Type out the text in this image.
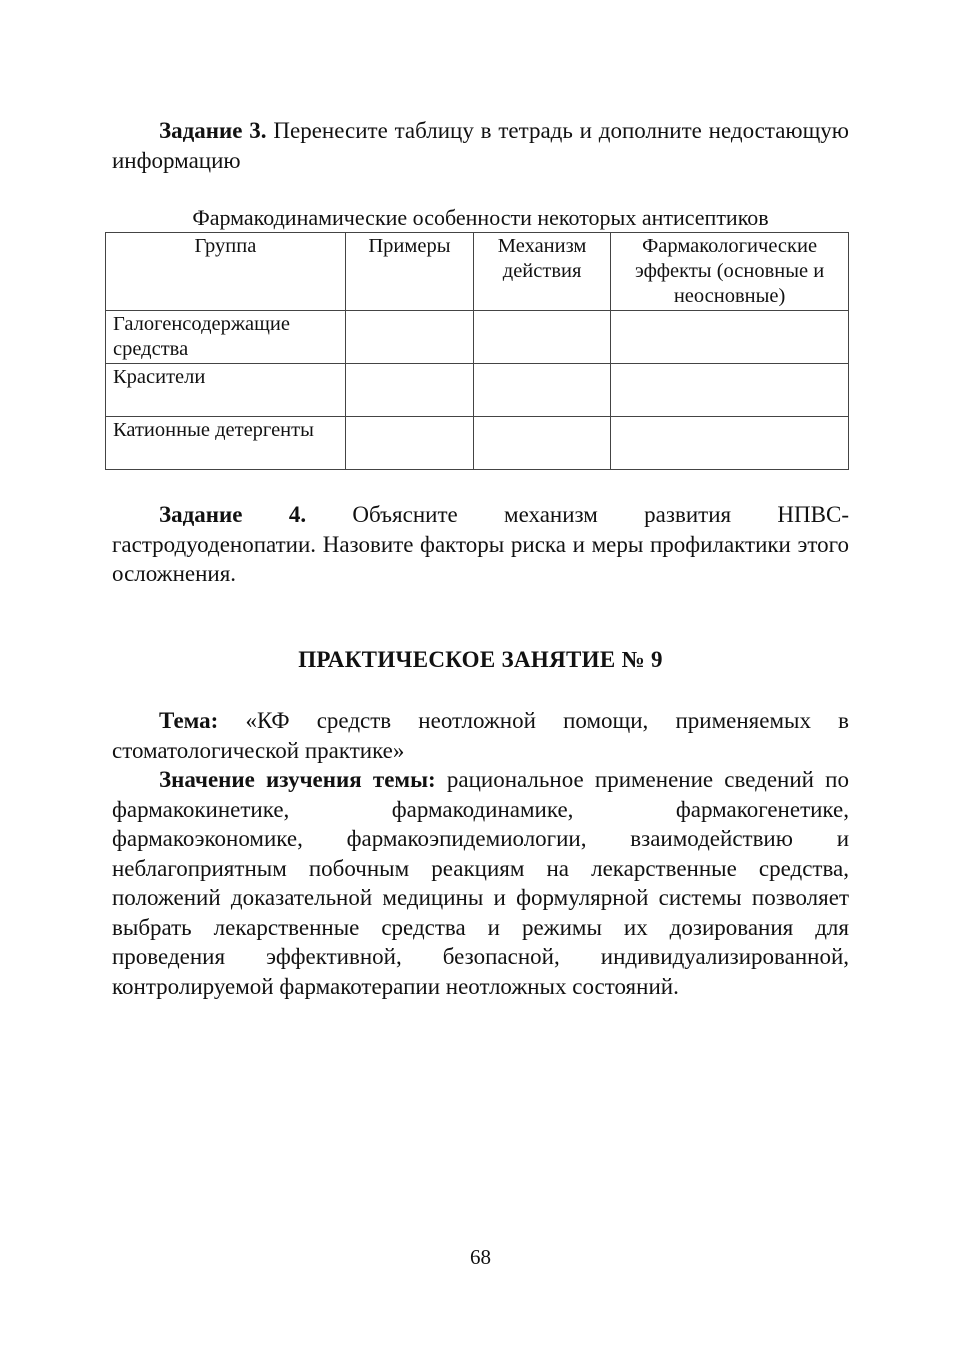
Задание 3. Перенесите таблицу в тетрадь и дополните недостающую информацию

Фармакодинамические особенности некоторых антисептиков
Группа	Примеры	Механизм действия	Фармакологические эффекты (основные и неосновные)
Галогенсодержащие средства			
Красители			
Катионные детергенты			

Задание 4. Объясните механизм развития НПВС-гастродуоденопатии. Назовите факторы риска и меры профилактики этого осложнения.

ПРАКТИЧЕСКОЕ ЗАНЯТИЕ № 9

Тема: «КФ средств неотложной помощи, применяемых в стоматологической практике»

Значение изучения темы: рациональное применение сведений по фармакокинетике, фармакодинамике, фармакогенетике, фармакоэкономике, фармакоэпидемиологии, взаимодействию и неблагоприятным побочным реакциям на лекарственные средства, положений доказательной медицины и формулярной системы позволяет выбрать лекарственные средства и режимы их дозирования для проведения эффективной, безопасной, индивидуализированной, контролируемой фармакотерапии неотложных состояний.

68
